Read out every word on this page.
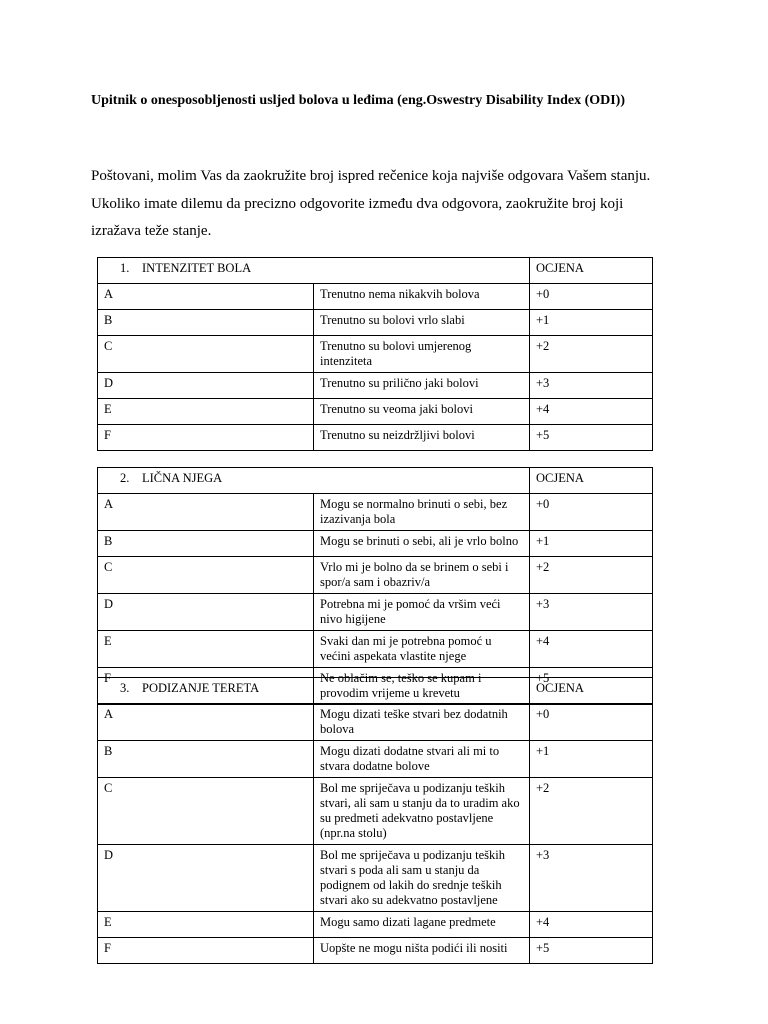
Upitnik o onesposobljenosti usljed bolova u leđima (eng.Oswestry Disability Index (ODI))

Poštovani, molim Vas da zaokružite broj ispred rečenice koja najviše odgovara Vašem stanju.

Ukoliko imate dilemu da precizno odgovorite između dva odgovora, zaokružite broj koji

izražava teže stanje.

1. INTENZITET BOLA		OCJENA
A	Trenutno nema nikakvih bolova	+0
B	Trenutno su bolovi vrlo slabi	+1
C	Trenutno su bolovi umjerenog intenziteta	+2
D	Trenutno su prilično jaki bolovi	+3
E	Trenutno su veoma jaki bolovi	+4
F	Trenutno su neizdržljivi bolovi	+5
2. LIČNA NJEGA		OCJENA
A	Mogu se normalno brinuti o sebi, bez izazivanja bola	+0
B	Mogu se brinuti o sebi, ali je vrlo bolno	+1
C	Vrlo mi je bolno da se brinem o sebi i spor/a sam i obazriv/a	+2
D	Potrebna mi je pomoć da vršim veći nivo higijene	+3
E	Svaki dan mi je potrebna pomoć u većini aspekata vlastite njege	+4
F	Ne oblačim se, teško se kupam i provodim vrijeme u krevetu	+5
3. PODIZANJE TERETA		OCJENA
A	Mogu dizati teške stvari bez dodatnih bolova	+0
B	Mogu dizati dodatne stvari ali mi to stvara dodatne bolove	+1
C	Bol me spriječava u podizanju teških stvari, ali sam u stanju da to uradim ako su predmeti adekvatno postavljene (npr.na stolu)	+2
D	Bol me spriječava u podizanju teških stvari s poda ali sam u stanju da podignem od lakih do srednje teških stvari ako su adekvatno postavljene	+3
E	Mogu samo dizati lagane predmete	+4
F	Uopšte ne mogu ništa podići ili nositi	+5
